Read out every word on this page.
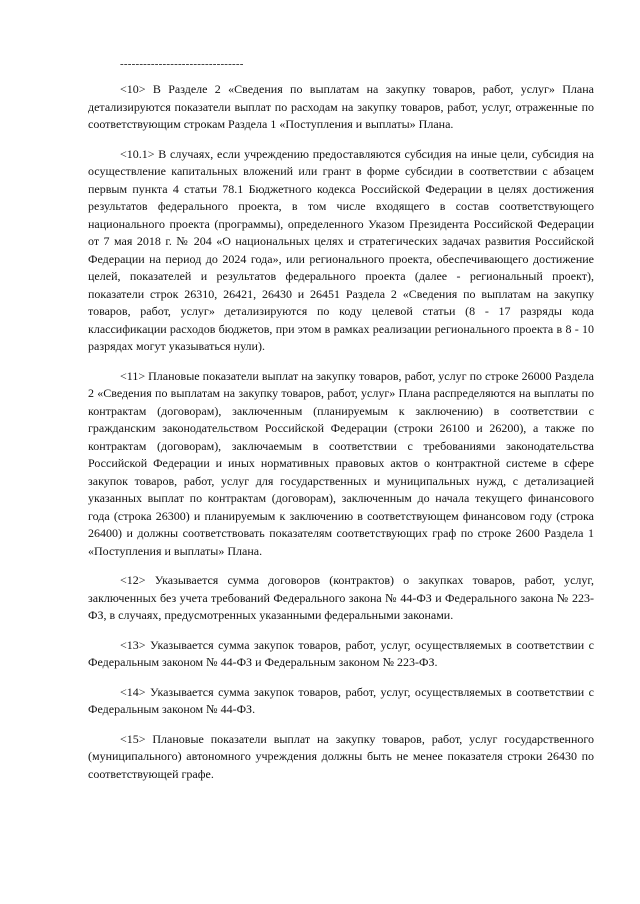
--------------------------------

<10> В Разделе 2 «Сведения по выплатам на закупку товаров, работ, услуг» Плана детализируются показатели выплат по расходам на закупку товаров, работ, услуг, отраженные по соответствующим строкам Раздела 1 «Поступления и выплаты» Плана.

<10.1> В случаях, если учреждению предоставляются субсидия на иные цели, субсидия на осуществление капитальных вложений или грант в форме субсидии в соответствии с абзацем первым пункта 4 статьи 78.1 Бюджетного кодекса Российской Федерации в целях достижения результатов федерального проекта, в том числе входящего в состав соответствующего национального проекта (программы), определенного Указом Президента Российской Федерации от 7 мая 2018 г. № 204 «О национальных целях и стратегических задачах развития Российской Федерации на период до 2024 года», или регионального проекта, обеспечивающего достижение целей, показателей и результатов федерального проекта (далее - региональный проект), показатели строк 26310, 26421, 26430 и 26451 Раздела 2 «Сведения по выплатам на закупку товаров, работ, услуг» детализируются по коду целевой статьи (8 - 17 разряды кода классификации расходов бюджетов, при этом в рамках реализации регионального проекта в 8 - 10 разрядах могут указываться нули).

<11> Плановые показатели выплат на закупку товаров, работ, услуг по строке 26000 Раздела 2 «Сведения по выплатам на закупку товаров, работ, услуг» Плана распределяются на выплаты по контрактам (договорам), заключенным (планируемым к заключению) в соответствии с гражданским законодательством Российской Федерации (строки 26100 и 26200), а также по контрактам (договорам), заключаемым в соответствии с требованиями законодательства Российской Федерации и иных нормативных правовых актов о контрактной системе в сфере закупок товаров, работ, услуг для государственных и муниципальных нужд, с детализацией указанных выплат по контрактам (договорам), заключенным до начала текущего финансового года (строка 26300) и планируемым к заключению в соответствующем финансовом году (строка 26400) и должны соответствовать показателям соответствующих граф по строке 2600 Раздела 1 «Поступления и выплаты» Плана.

<12> Указывается сумма договоров (контрактов) о закупках товаров, работ, услуг, заключенных без учета требований Федерального закона № 44-ФЗ и Федерального закона № 223-ФЗ, в случаях, предусмотренных указанными федеральными законами.

<13> Указывается сумма закупок товаров, работ, услуг, осуществляемых в соответствии с Федеральным законом № 44-ФЗ и Федеральным законом № 223-ФЗ.

<14> Указывается сумма закупок товаров, работ, услуг, осуществляемых в соответствии с Федеральным законом № 44-ФЗ.

<15> Плановые показатели выплат на закупку товаров, работ, услуг государственного (муниципального) автономного учреждения должны быть не менее показателя строки 26430 по соответствующей графе.
